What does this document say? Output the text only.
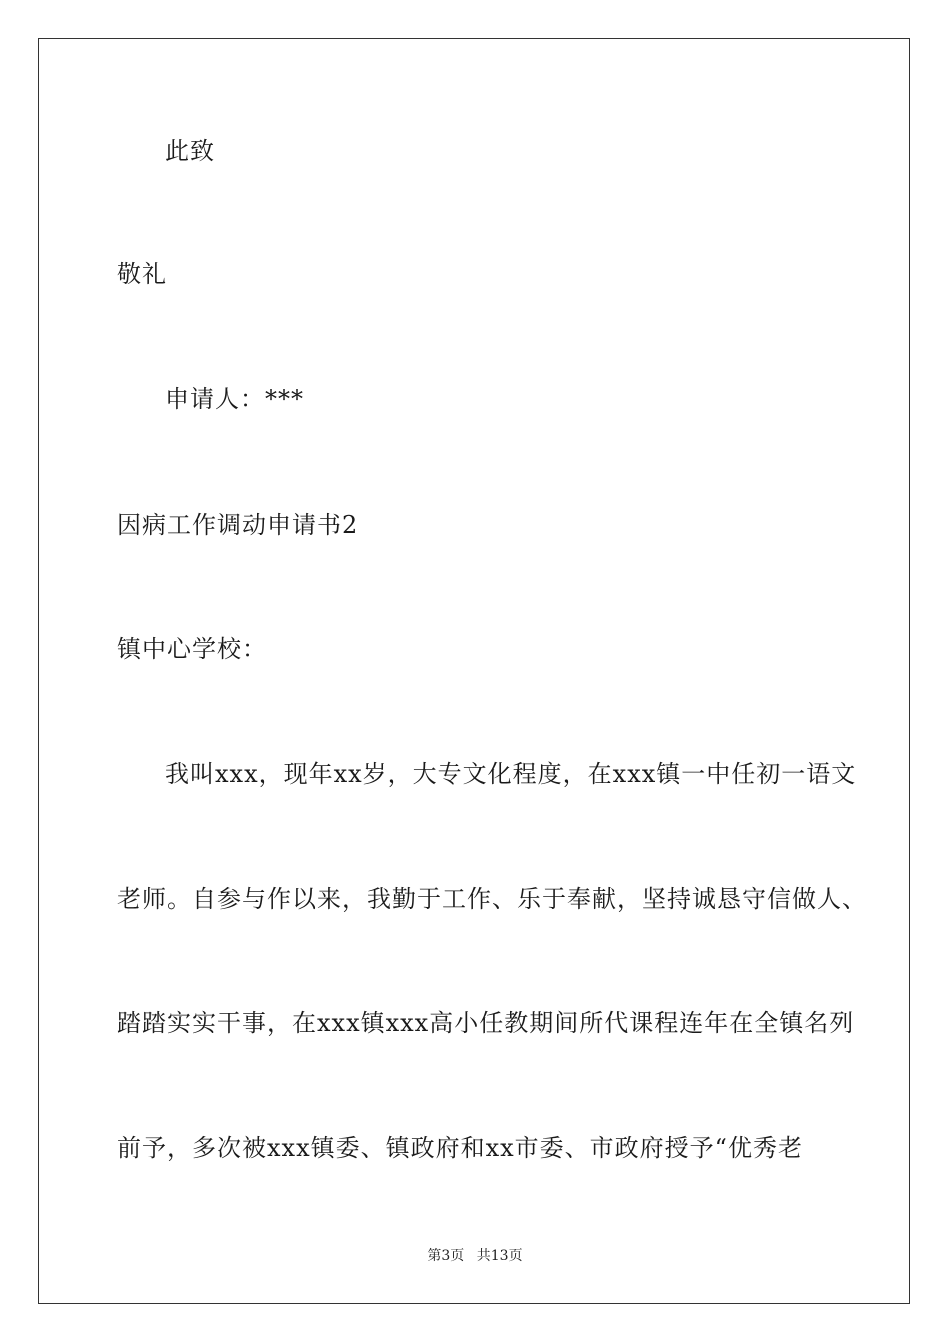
此致
敬礼
申请人：***
因病工作调动申请书2
镇中心学校：
我叫xxx，现年xx岁，大专文化程度，在xxx镇一中任初一语文
老师。自参与作以来，我勤于工作、乐于奉献，坚持诚恳守信做人、
踏踏实实干事，在xxx镇xxx高小任教期间所代课程连年在全镇名列
前予，多次被xxx镇委、镇政府和xx市委、市政府授予“优秀老
第3页 共13页
